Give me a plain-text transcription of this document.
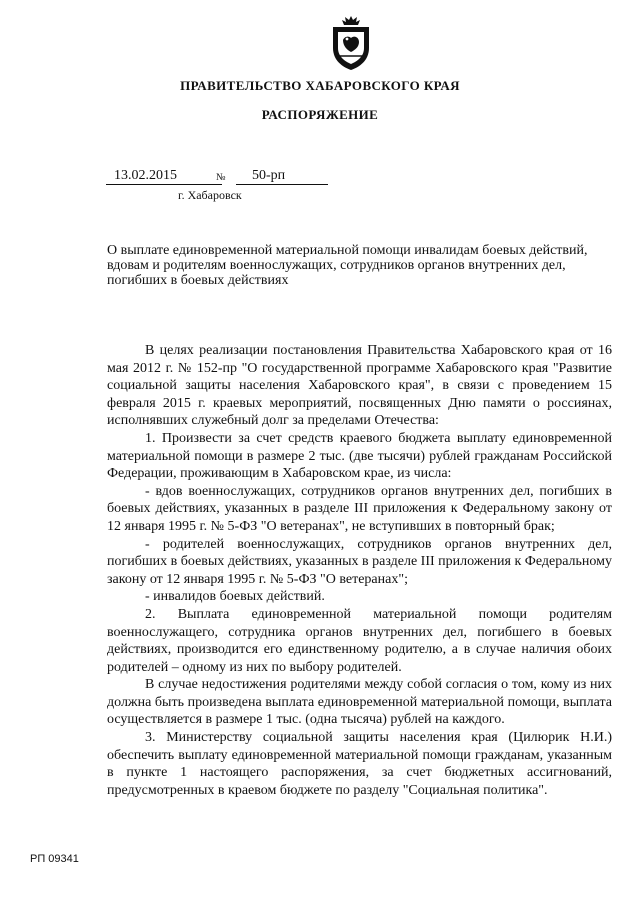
ПРАВИТЕЛЬСТВО ХАБАРОВСКОГО КРАЯ
РАСПОРЯЖЕНИЕ
13.02.2015	№ 50-рп
г. Хабаровск
О выплате единовременной материальной помощи инвалидам боевых действий, вдовам и родителям военнослужащих, сотрудников органов внутренних дел, погибших в боевых действиях

В целях реализации постановления Правительства Хабаровского края от 16 мая 2012 г. № 152-пр "О государственной программе Хабаровского края "Развитие социальной защиты населения Хабаровского края", в связи с проведением 15 февраля 2015 г. краевых мероприятий, посвященных Дню памяти о россиянах, исполнявших служебный долг за пределами Отечества:

1. Произвести за счет средств краевого бюджета выплату единовременной материальной помощи в размере 2 тыс. (две тысячи) рублей гражданам Российской Федерации, проживающим в Хабаровском крае, из числа:

- вдов военнослужащих, сотрудников органов внутренних дел, погибших в боевых действиях, указанных в разделе III приложения к Федеральному закону от 12 января 1995 г. № 5-ФЗ "О ветеранах", не вступивших в повторный брак;

- родителей военнослужащих, сотрудников органов внутренних дел, погибших в боевых действиях, указанных в разделе III приложения к Федеральному закону от 12 января 1995 г. № 5-ФЗ "О ветеранах";

- инвалидов боевых действий.

2. Выплата единовременной материальной помощи родителям военнослужащего, сотрудника органов внутренних дел, погибшего в боевых действиях, производится его единственному родителю, а в случае наличия обоих родителей – одному из них по выбору родителей.

В случае недостижения родителями между собой согласия о том, кому из них должна быть произведена выплата единовременной материальной помощи, выплата осуществляется в размере 1 тыс. (одна тысяча) рублей на каждого.

3. Министерству социальной защиты населения края (Цилюрик Н.И.) обеспечить выплату единовременной материальной помощи гражданам, указанным в пункте 1 настоящего распоряжения, за счет бюджетных ассигнований, предусмотренных в краевом бюджете по разделу "Социальная политика".

РП 09341
